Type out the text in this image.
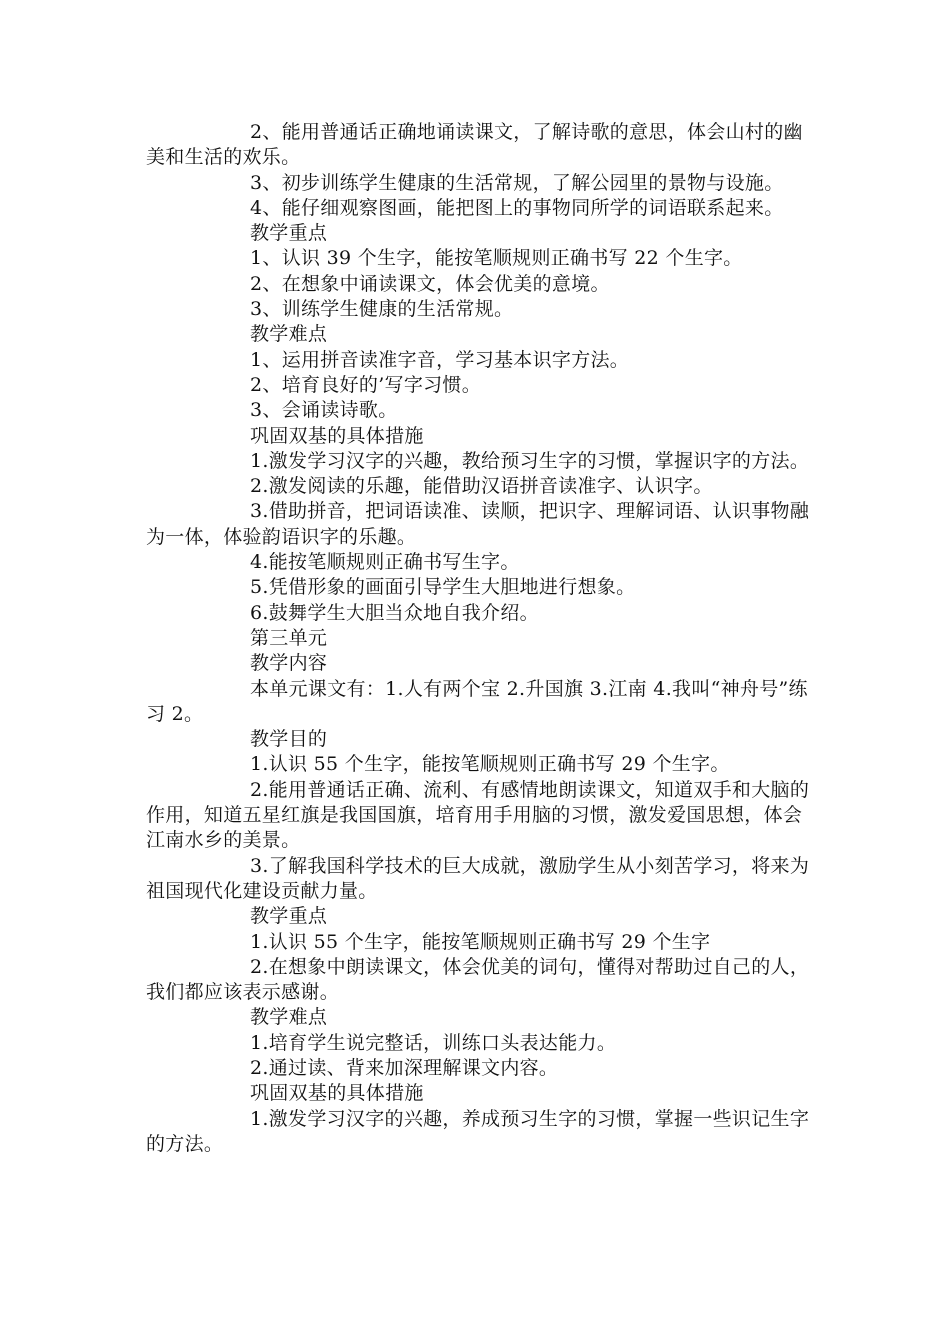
2、能用普通话正确地诵读课文，了解诗歌的意思，体会山村的幽美和生活的欢乐。

3、初步训练学生健康的生活常规，了解公园里的景物与设施。

4、能仔细观察图画，能把图上的事物同所学的词语联系起来。

教学重点

1、认识 39 个生字，能按笔顺规则正确书写 22 个生字。

2、在想象中诵读课文，体会优美的意境。

3、训练学生健康的生活常规。

教学难点

1、运用拼音读准字音，学习基本识字方法。

2、培育良好的’写字习惯。

3、会诵读诗歌。

巩固双基的具体措施

1.激发学习汉字的兴趣，教给预习生字的习惯，掌握识字的方法。

2.激发阅读的乐趣，能借助汉语拼音读准字、认识字。

3.借助拼音，把词语读准、读顺，把识字、理解词语、认识事物融为一体，体验韵语识字的乐趣。

4.能按笔顺规则正确书写生字。

5.凭借形象的画面引导学生大胆地进行想象。

6.鼓舞学生大胆当众地自我介绍。

第三单元

教学内容

本单元课文有：1.人有两个宝 2.升国旗 3.江南 4.我叫“神舟号”练习 2。

教学目的

1.认识 55 个生字，能按笔顺规则正确书写 29 个生字。

2.能用普通话正确、流利、有感情地朗读课文，知道双手和大脑的作用，知道五星红旗是我国国旗，培育用手用脑的习惯，激发爱国思想，体会江南水乡的美景。

3.了解我国科学技术的巨大成就，激励学生从小刻苦学习，将来为祖国现代化建设贡献力量。

教学重点

1.认识 55 个生字，能按笔顺规则正确书写 29 个生字

2.在想象中朗读课文，体会优美的词句，懂得对帮助过自己的人，我们都应该表示感谢。

教学难点

1.培育学生说完整话，训练口头表达能力。

2.通过读、背来加深理解课文内容。

巩固双基的具体措施

1.激发学习汉字的兴趣，养成预习生字的习惯，掌握一些识记生字的方法。
